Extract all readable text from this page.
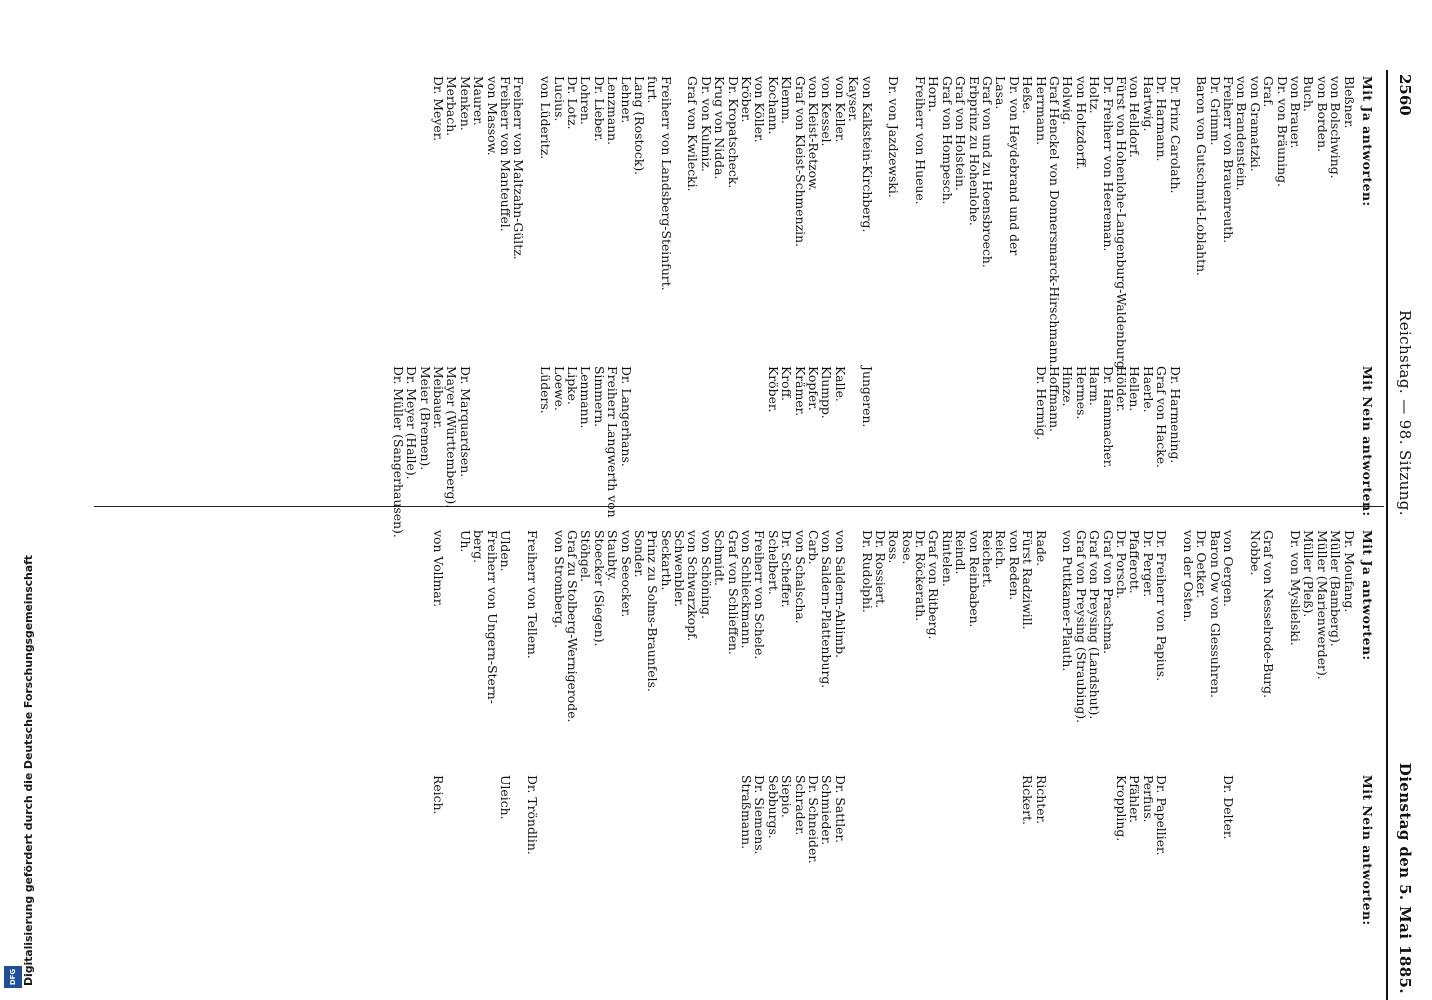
Digitalisierung gefördert durch die Deutsche Forschungsgemeinschaft
DFG
2560
Reichstag. — 98. Sitzung.
Dienstag den 5. Mai 1885.
Mit Ja antworten:
Bleßner.
von Bolschwing.
von Borden.
Buch.
von Brauer.
Dr. von Bräuning.
Graf.
von Gramatzki.
von Brandenstein.
Freiherr von Brauenreuth.
Dr. Grimm.
Baron von Gutschmid-Loblahtn.
Dr. Prinz Carolath.
Dr. Harmann.
Hartwig.
von Helldorf.
Fürst von Hohenlohe-Langenburg-Waldenburg.
Dr. Freiherr von Heereman.
Holtz.
von Holtzdorff.
Holwig.
Graf Henckel von Donnersmarck-Hirschmann.
Herrmann.
Heße.
Dr. von Heydebrand und der
Lasa.
Graf von und zu Hoensbroech.
Erbprinz zu Hohenlohe.
Graf von Holstein.
Graf von Hompesch.
Horn.
Freiherr von Hueue.
Dr. von Jazdzewski.
von Kalkstein-Kirchberg.
Kayser.
von Keller.
von Kessel.
von Kleist-Retzow.
Graf von Kleist-Schmenzin.
Klemm.
Kochann.
von Köller.
Kröber.
Dr. Kropatscheck.
Krug von Nidda.
Dr. von Kulmiz.
Graf von Kwilecki.
Freiherr von Landsberg-Steinfurt.
furt.
Lang (Rostock).
Lehner.
Lenzmann.
Dr. Lieber.
Lohren.
Dr. Lotz.
Lucius.
von Lüderitz.
Freiherr von Maltzahn-Gültz.
Freiherr von Manteuffel.
von Massow.
Maurer.
Menken.
Merbach.
Dr. Meyer.
Mit Nein antworten:
Dr. Harmening.
Graf von Hacke.
Haerle.
Hellen.
Hölder.
Dr. Hammacher.
Harm.
Hermes.
Hinze.
Hoffmann.
Dr. Hermig.
Jungeren.
Kalle.
Klumpp.
Kopfer.
Krämer.
Kroff.
Kröber.
Dr. Langerhans.
Freiherr Langwerth von
Simmern.
Lenmann.
Lipke.
Loewe.
Lüders.
Dr. Marquardsen.
Mayer (Württemberg).
Meibauer.
Meier (Bremen).
Dr. Meyer (Halle).
Dr. Müller (Sangerhausen).
Mit Ja antworten:
Dr. Moufang.
Müller (Bamberg).
Müller (Marienwerder).
Müller (Pleß).
Dr. von Myslielski.
Graf von Nesselrode-Burg.
Nobbe.
von Oergen.
Baron Ow von Glessuhren.
Dr. Oetker.
von der Osten.
Dr. Freiherr von Papius.
Dr. Perger.
Pfafferott.
Dr. Porsch.
Graf von Praschma.
Graf von Preysing (Landshut).
Graf von Preysing (Straubing).
von Puttkamer-Plauth.
Rade.
Fürst Radziwill.
von Reden.
Reich.
Reichert.
von Reinbaben.
Reindl.
Rintelen.
Graf von Ritberg.
Dr. Röckerath.
Rose.
Ross.
Dr. Rossiert.
Dr. Rudolphi.
von Saldern-Ahlimb.
von Saldern-Plattenburg.
Carb.
von Schalscha.
Dr. Scheffer.
Schelbert.
Freiherr von Schele.
von Schlieckmann.
Graf von Schlieffen.
Schmidt.
von Schöning.
von Schwarzkopf.
Schwenbler.
Seckarth.
Prinz zu Solms-Braunfels.
Sonder.
von Seeocker.
Staubty.
Stoecker (Siegen).
Stöhgel.
Graf zu Stolberg-Wernigerode.
von Stromberg.
Freiherr von Tellem.
Ulden.
Freiherr von Ungern-Stern-
berg.
Uh.
von Vollmar.
Mit Nein antworten:
Dr. Delter.
Dr. Papellier.
Perfius.
Pfähler.
Kroppling.
Richter.
Rickert.
Dr. Sattler.
Schmieder.
Dr. Schneider.
Schrader.
Siepio.
Sebburgs.
Dr. Siemens.
Straßmann.
Dr. Tröndlin.
Uleich.
Reich.
